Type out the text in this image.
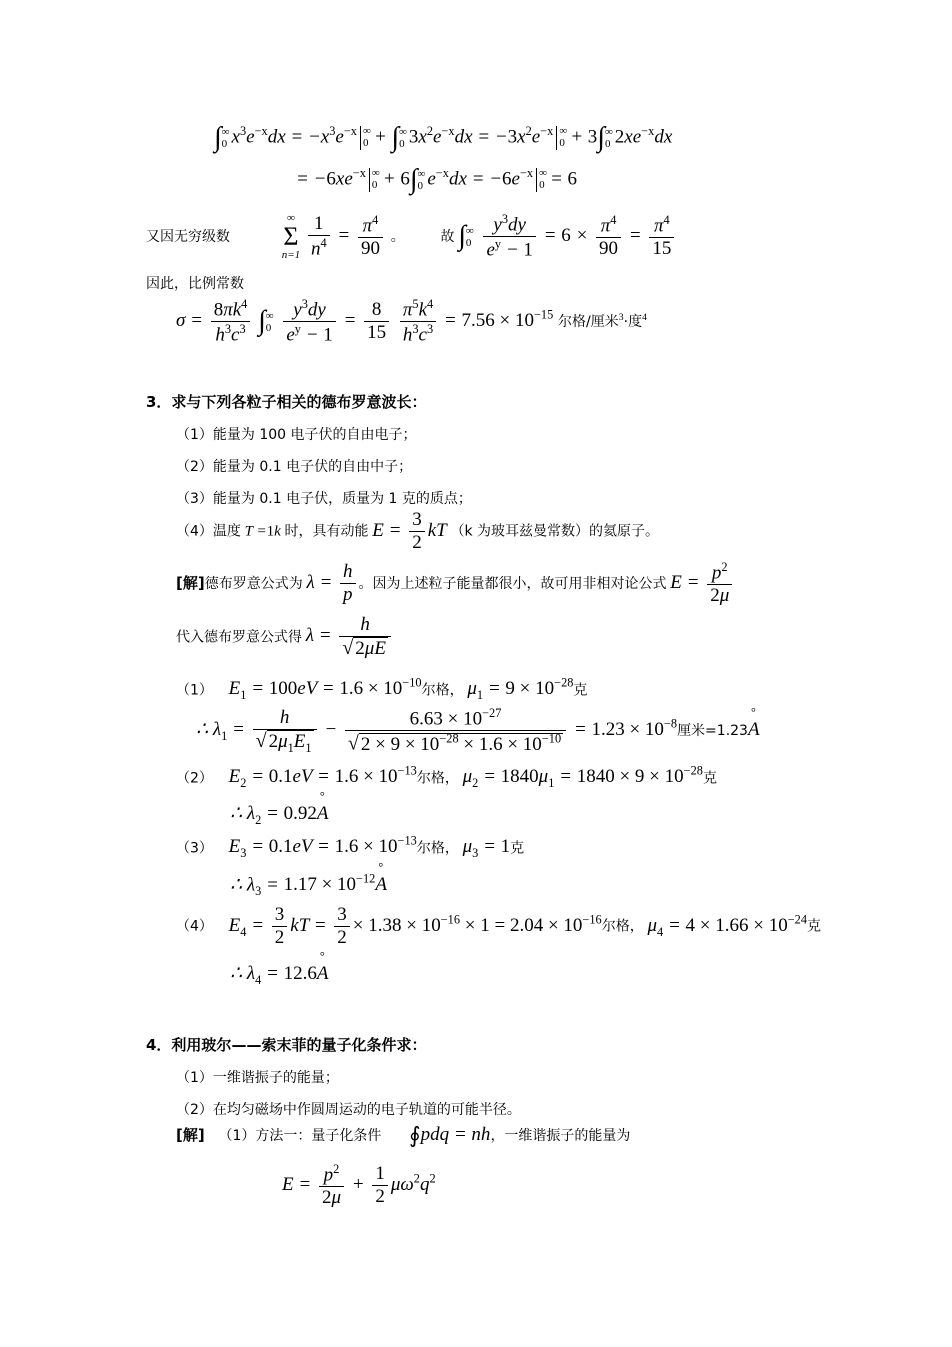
∫ ∞
0 $x^3e^{-x}dx = -x^3e^{-x}$ ∞
0 + ∫ ∞
0 $3x^2e^{-x}dx = -3x^2e^{-x}$ ∞
0 + 3∫ ∞
0 $2xe^{-x}dx$
= $-6xe^{-x}$ ∞
0 + 6∫ ∞
0 $e^{-x}dx = -6e^{-x}$ ∞
0 = 6
又因无穷级数
∞
Σ
n=1
$\frac{1}{n^4} = \frac{\pi^4}{90}$ 。	故 ∫ ∞
0
$\frac{y^3dy}{e^y - 1} = 6 \times \frac{\pi^4}{90} = \frac{\pi^4}{15}$
因此，比例常数
$\sigma = \frac{8\pi k^4}{h^3c^3}$ ∫ ∞
0
$\frac{y^3dy}{e^y - 1} = \frac{8}{15}$
$\frac{\pi^5k^4}{h^3c^3} = 7.56 \times 10^{-15}$ 尔格/厘米$^3$·度$^4$
3．求与下列各粒子相关的德布罗意波长：
（1）能量为 100 电子伏的自由电子；
（2）能量为 0.1 电子伏的自由中子；
（3）能量为 0.1 电子伏，质量为 1 克的质点；
（4）温度 T =1k 时，具有动能 $E = \frac{3}{2}$ kT （k 为玻耳兹曼常数）的氦原子。
[解]德布罗意公式为 $\lambda = \frac{h}{p}$ 。因为上述粒子能量都很小，故可用非相对论公式 $E = \frac{p^2}{2\mu}$
代入德布罗意公式得 $\lambda = \frac{h}{√ 2\mu E}$
（1） $E_1 = 100eV = 1.6 \times 10^{-10}$尔格， $\mu_1 = 9 \times 10^{-28}$克
∴ $\lambda_1 = \frac{h}{√ 2\mu_1E_1} - \frac{6.63 \times 10^{-27}}{√ 2 \times 9 \times 10^{-28} \times 1.6 \times 10^{-10}} = 1.23 \times 10^{-8}$厘米=1.23° A
（2） $E_2 = 0.1eV = 1.6 \times 10^{-13}$尔格， $\mu_2 = 1840\mu_1 = 1840 \times 9 \times 10^{-28}$克
∴ $\lambda_2 = 0.92^\circ$ A
（3） $E_3 = 0.1eV = 1.6 \times 10^{-13}$尔格， $\mu_3 = 1$克
∴ $\lambda_3 = 1.17 \times 10^{-12}^\circ$ A
（4） $E_4 = \frac{3}{2}$ kT = $\frac{3}{2} \times 1.38 \times 10^{-16} \times 1 = 2.04 \times 10^{-16}$尔格， $\mu_4 = 4 \times 1.66 \times 10^{-24}$克
∴ $\lambda_4 = 12.6^\circ$ A
4．利用玻尔——索末菲的量子化条件求：
（1）一维谐振子的能量；
（2）在均匀磁场中作圆周运动的电子轨道的可能半径。
[解] （1）方法一：量子化条件 ∮pdq = nh，一维谐振子的能量为
$E = \frac{p^2}{2\mu} + \frac{1}{2} \mu\omega^2q^2$
